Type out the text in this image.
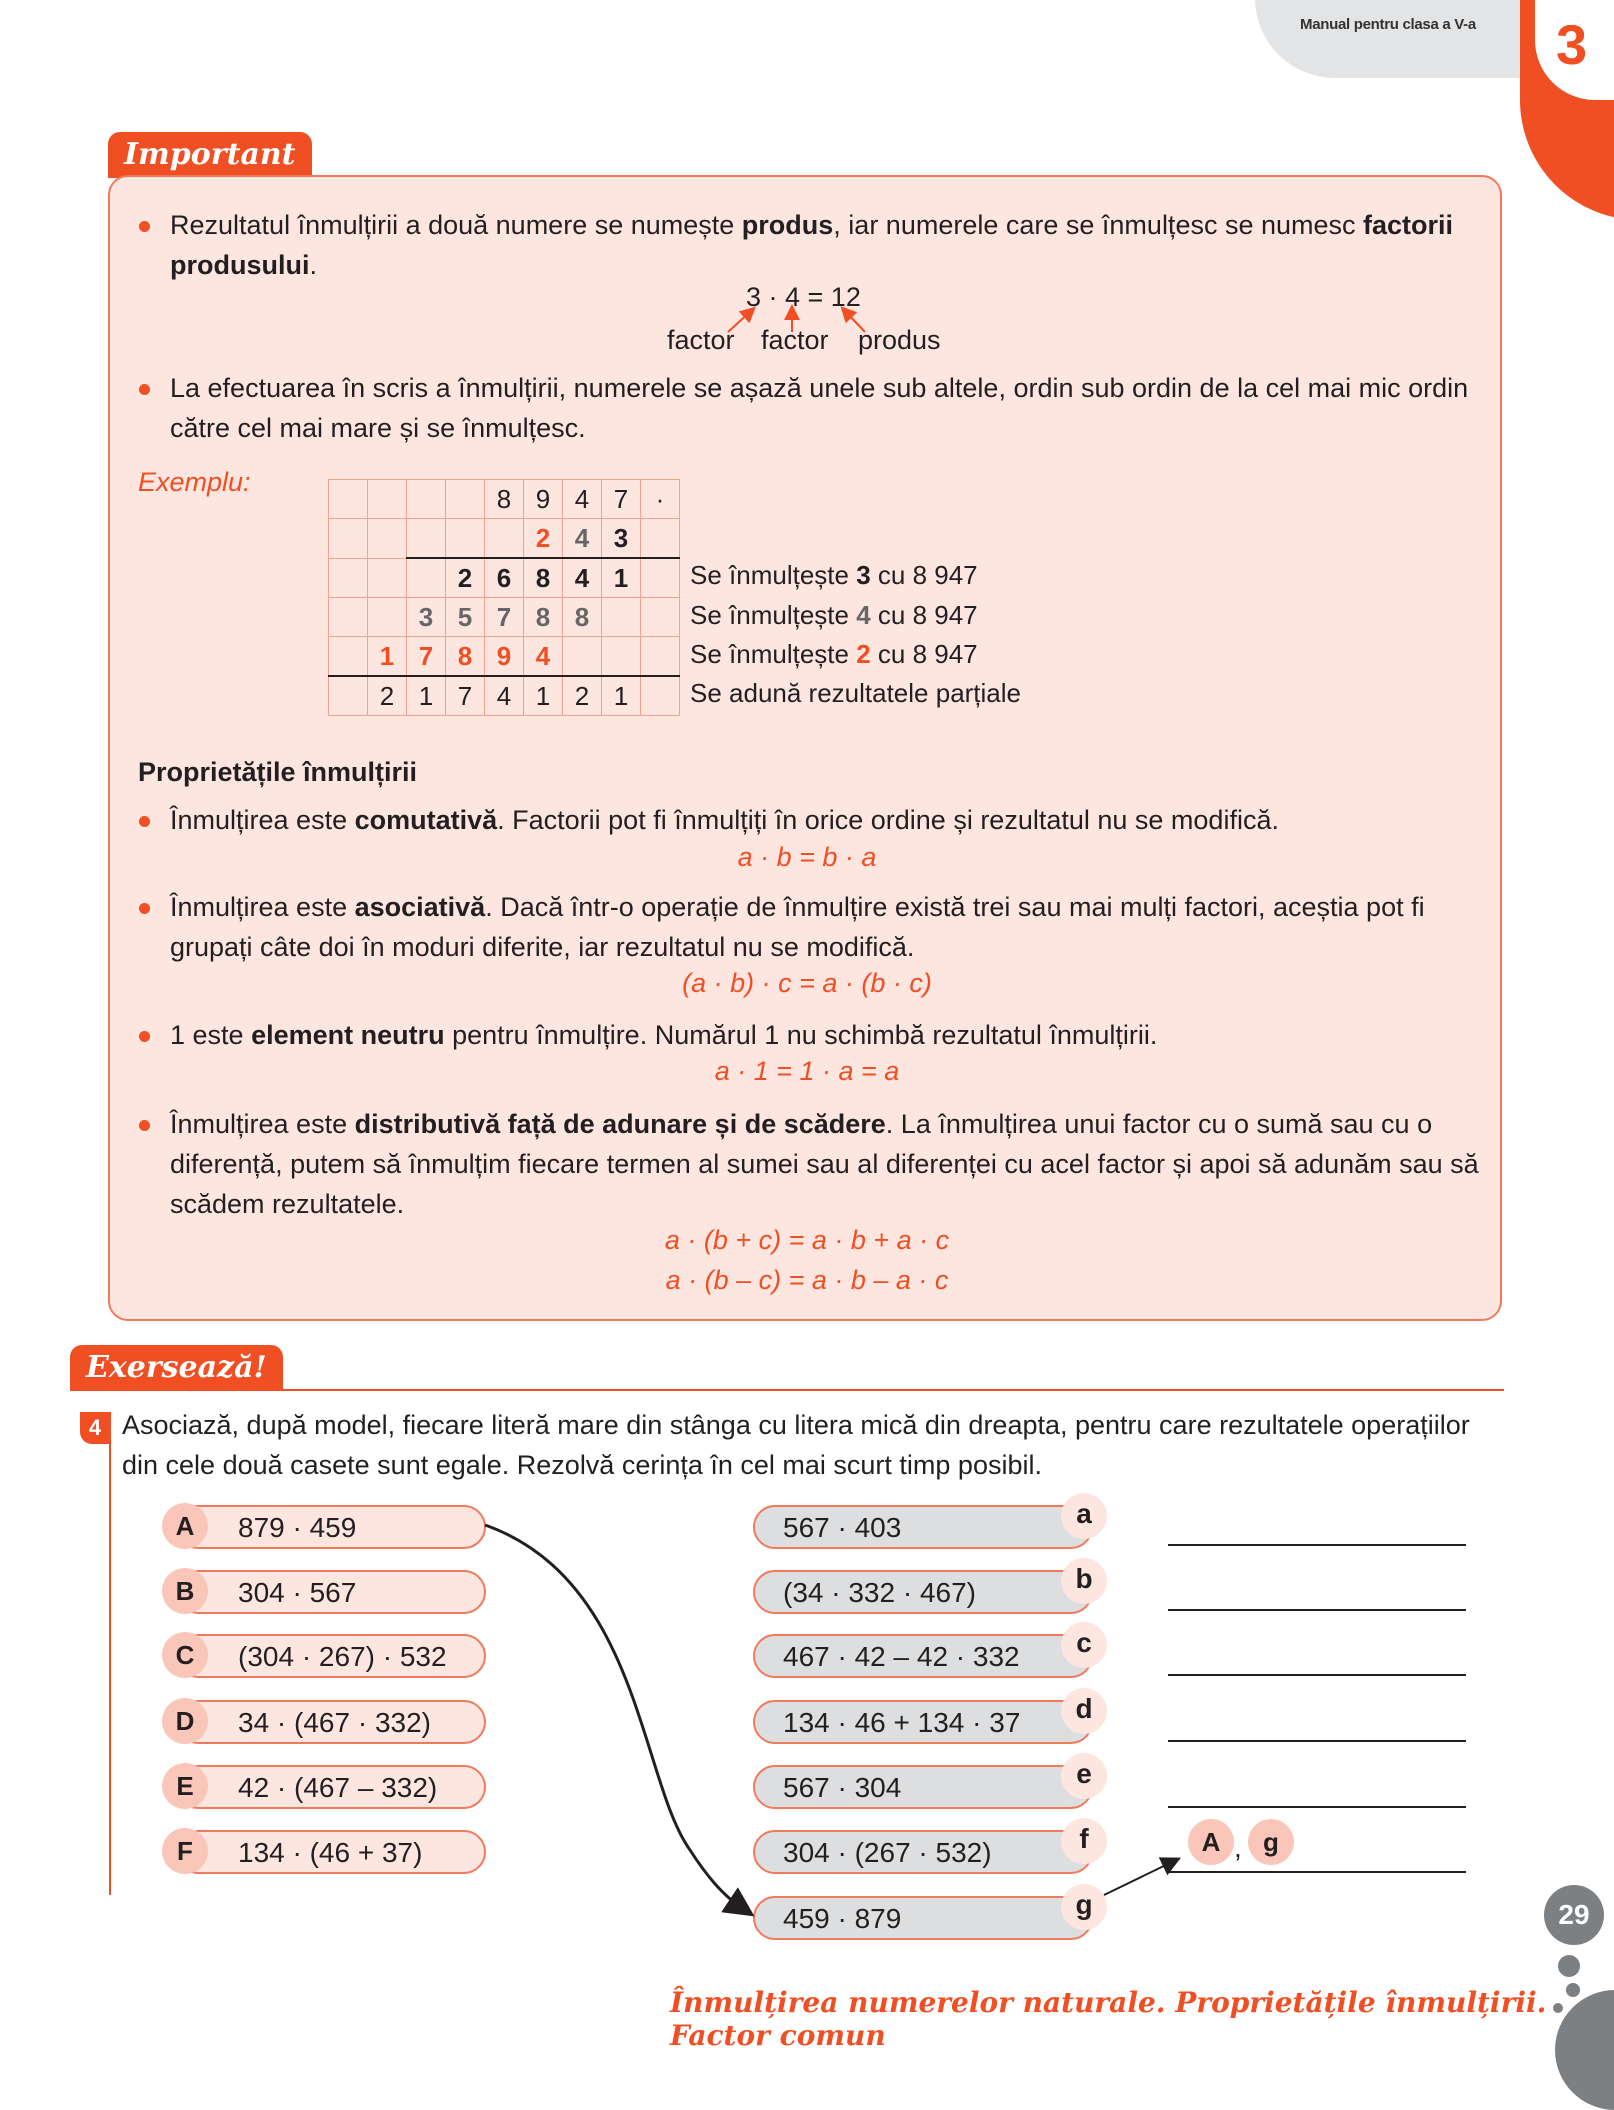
Manual pentru clasa a V-a 3
Important
Rezultatul înmulțirii a două numere se numește produs, iar numerele care se înmulțesc se numesc factorii produsului.
3 · 4 = 12
factor factor produs
La efectuarea în scris a înmulțirii, numerele se așază unele sub altele, ordin sub ordin de la cel mai mic ordin către cel mai mare și se înmulțesc.
Exemplu:
				8	9	4	7	·
					2	4	3	
			2	6	8	4	1	
		3	5	7	8	8		
	1	7	8	9	4			
	2	1	7	4	1	2	1	
Se înmulțește 3 cu 8 947
Se înmulțește 4 cu 8 947
Se înmulțește 2 cu 8 947
Se adună rezultatele parțiale
Proprietățile înmulțirii
Înmulțirea este comutativă. Factorii pot fi înmulțiți în orice ordine și rezultatul nu se modifică.
a · b = b · a
Înmulțirea este asociativă. Dacă într-o operație de înmulțire există trei sau mai mulți factori, aceștia pot fi grupați câte doi în moduri diferite, iar rezultatul nu se modifică.
(a · b) · c = a · (b · c)
1 este element neutru pentru înmulțire. Numărul 1 nu schimbă rezultatul înmulțirii.
a · 1 = 1 · a = a
Înmulțirea este distributivă față de adunare și de scădere. La înmulțirea unui factor cu o sumă sau cu o diferență, putem să înmulțim fiecare termen al sumei sau al diferenței cu acel factor și apoi să adunăm sau să scădem rezultatele.
a · (b + c) = a · b + a · c
a · (b – c) = a · b – a · c
Exersează!
4 Asociază, după model, fiecare literă mare din stânga cu litera mică din dreapta, pentru care rezultatele operațiilor din cele două casete sunt egale. Rezolvă cerința în cel mai scurt timp posibil.
879 · 459
A
304 · 567
B
(304 · 267) · 532
C
34 · (467 · 332)
D
42 · (467 – 332)
E
134 · (46 + 37)
F
567 · 403	a
(34 · 332 · 467)	b
467 · 42 – 42 · 332	c
134 · 46 + 134 · 37	d
567 · 304	e
304 · (267 · 532)	f
459 · 879	g
A , g
29
Înmulțirea numerelor naturale. Proprietățile înmulțirii. Factor comun
